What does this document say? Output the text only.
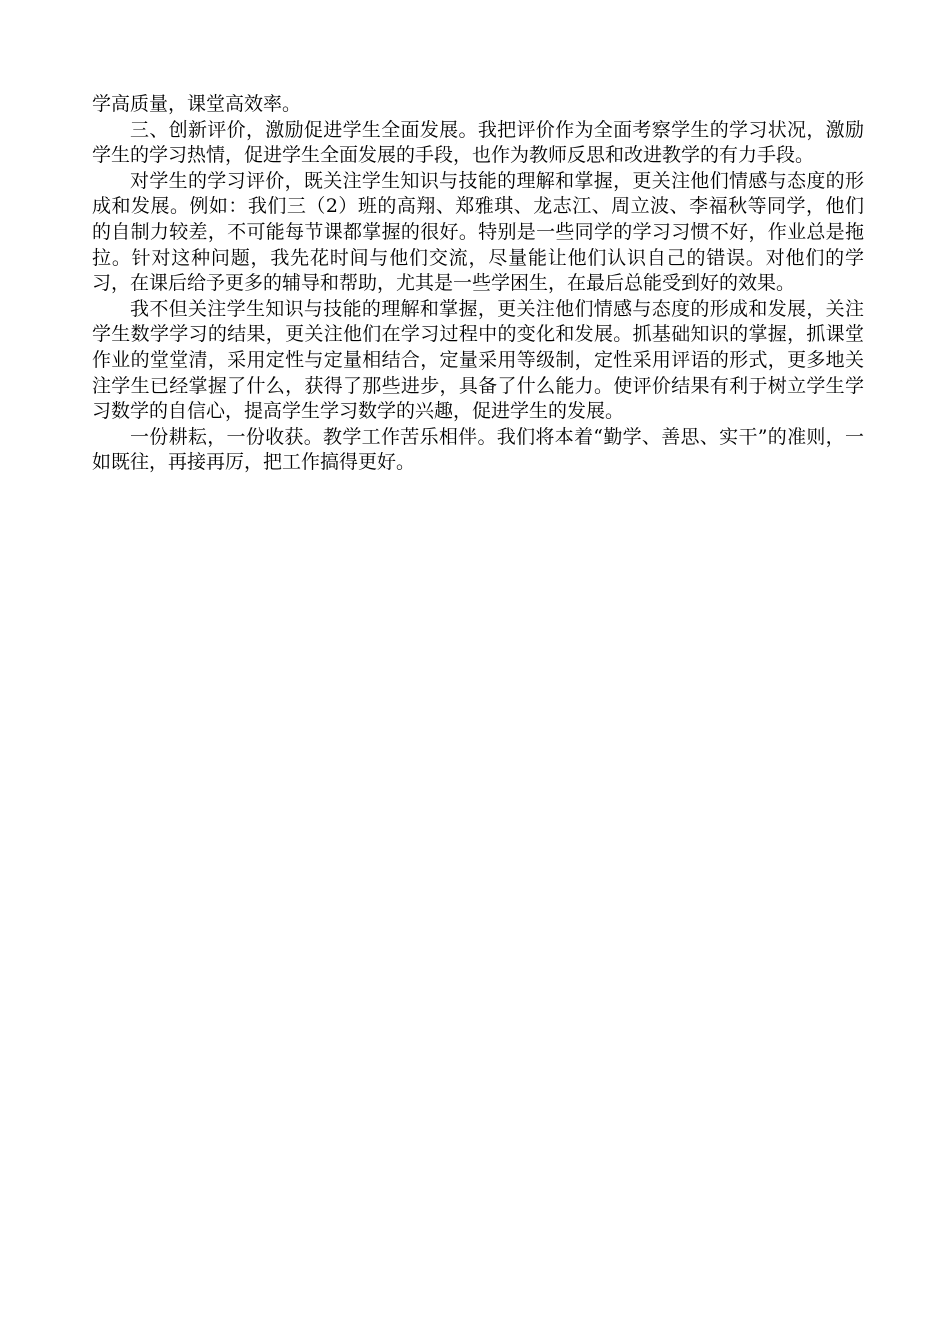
学高质量，课堂高效率。

三、创新评价，激励促进学生全面发展。我把评价作为全面考察学生的学习状况，激励学生的学习热情，促进学生全面发展的手段，也作为教师反思和改进教学的有力手段。

对学生的学习评价，既关注学生知识与技能的理解和掌握，更关注他们情感与态度的形成和发展。例如：我们三（2）班的高翔、郑雅琪、龙志江、周立波、李福秋等同学，他们的自制力较差，不可能每节课都掌握的很好。特别是一些同学的学习习惯不好，作业总是拖拉。针对这种问题，我先花时间与他们交流，尽量能让他们认识自己的错误。对他们的学习，在课后给予更多的辅导和帮助，尤其是一些学困生，在最后总能受到好的效果。

我不但关注学生知识与技能的理解和掌握，更关注他们情感与态度的形成和发展，关注学生数学学习的结果，更关注他们在学习过程中的变化和发展。抓基础知识的掌握，抓课堂作业的堂堂清，采用定性与定量相结合，定量采用等级制，定性采用评语的形式，更多地关注学生已经掌握了什么，获得了那些进步，具备了什么能力。使评价结果有利于树立学生学习数学的自信心，提高学生学习数学的兴趣，促进学生的发展。

一份耕耘，一份收获。教学工作苦乐相伴。我们将本着“勤学、善思、实干”的准则，一如既往，再接再厉，把工作搞得更好。
